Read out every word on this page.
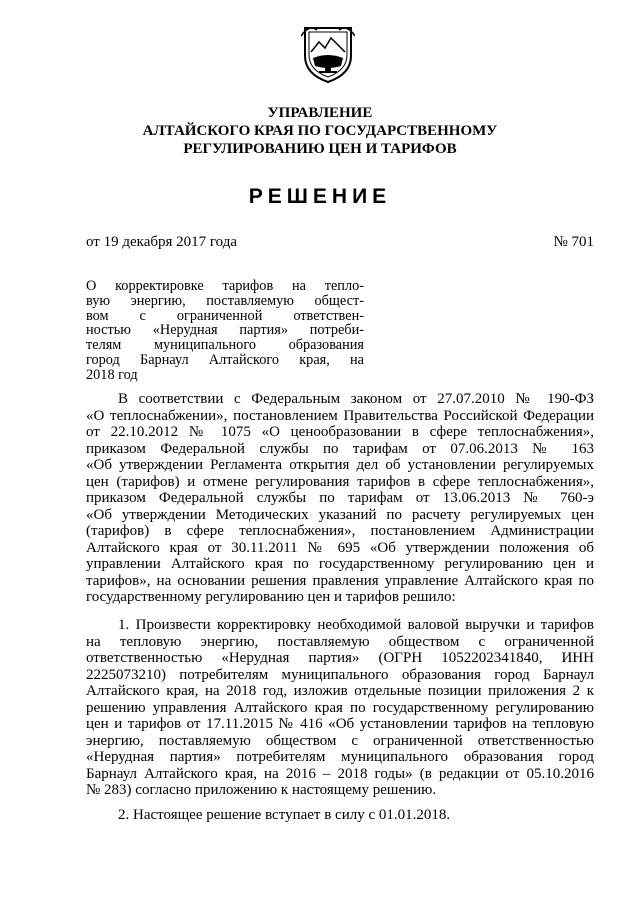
УПРАВЛЕНИЕ
АЛТАЙСКОГО КРАЯ ПО ГОСУДАРСТВЕННОМУ
РЕГУЛИРОВАНИЮ ЦЕН И ТАРИФОВ
РЕШЕНИЕ
от 19 декабря 2017 года	№ 701
О корректировке тарифов на тепло-
вую энергию, поставляемую общест-
вом с ограниченной ответствен-
ностью «Нерудная партия» потреби-
телям муниципального образования
город Барнаул Алтайского края, на
2018 год
В соответствии с Федеральным законом от 27.07.2010 № 190-ФЗ
«О теплоснабжении», постановлением Правительства Российской Федерации
от 22.10.2012 № 1075 «О ценообразовании в сфере теплоснабжения»,
приказом Федеральной службы по тарифам от 07.06.2013 № 163
«Об утверждении Регламента открытия дел об установлении регулируемых
цен (тарифов) и отмене регулирования тарифов в сфере теплоснабжения»,
приказом Федеральной службы по тарифам от 13.06.2013 № 760-э
«Об утверждении Методических указаний по расчету регулируемых цен
(тарифов) в сфере теплоснабжения», постановлением Администрации
Алтайского края от 30.11.2011 № 695 «Об утверждении положения об
управлении Алтайского края по государственному регулированию цен и
тарифов», на основании решения правления управление Алтайского края по
государственному регулированию цен и тарифов решило:
1. Произвести корректировку необходимой валовой выручки и тарифов
на тепловую энергию, поставляемую обществом с ограниченной
ответственностью «Нерудная партия» (ОГРН 1052202341840, ИНН
2225073210) потребителям муниципального образования город Барнаул
Алтайского края, на 2018 год, изложив отдельные позиции приложения 2 к
решению управления Алтайского края по государственному регулированию
цен и тарифов от 17.11.2015 № 416 «Об установлении тарифов на тепловую
энергию, поставляемую обществом с ограниченной ответственностью
«Нерудная партия» потребителям муниципального образования город
Барнаул Алтайского края, на 2016 – 2018 годы» (в редакции от 05.10.2016
№ 283) согласно приложению к настоящему решению.
2. Настоящее решение вступает в силу с 01.01.2018.
